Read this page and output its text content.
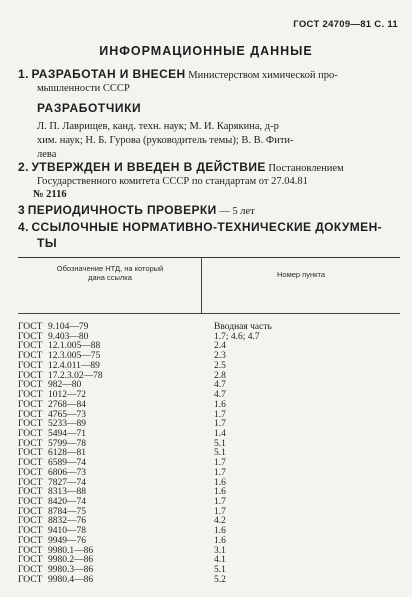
ГОСТ 24709—81 С. 11
ИНФОРМАЦИОННЫЕ ДАННЫЕ
1. РАЗРАБОТАН И ВНЕСЕН Министерством химической про-
мышленности СССР
РАЗРАБОТЧИКИ
Л. П. Лаврищев, канд. техн. наук; М. И. Карякина, д-р
хим. наук; Н. Б. Гурова (руководитель темы); В. В. Фити-
лева
2. УТВЕРЖДЕН И ВВЕДЕН В ДЕЙСТВИЕ Постановлением
Государственного комитета СССР по стандартам от 27.04.81
№ 2116
3 ПЕРИОДИЧНОСТЬ ПРОВЕРКИ — 5 лет
4. ССЫЛОЧНЫЕ НОРМАТИВНО-ТЕХНИЧЕСКИЕ ДОКУМЕН-
ТЫ
Обозначение НТД, на который
дана ссылка	Номер пункта
ГОСТ 9.104—79	Вводная часть
ГОСТ 9.403—80	1.7; 4.6; 4.7
ГОСТ 12.1.005—88	2.4
ГОСТ 12.3.005—75	2.3
ГОСТ 12.4.011—89	2.5
ГОСТ 17.2.3.02—78	2.8
ГОСТ 982—80	4.7
ГОСТ 1012—72	4.7
ГОСТ 2768—84	1.6
ГОСТ 4765—73	1.7
ГОСТ 5233—89	1.7
ГОСТ 5494—71	1.4
ГОСТ 5799—78	5.1
ГОСТ 6128—81	5.1
ГОСТ 6589—74	1.7
ГОСТ 6806—73	1.7
ГОСТ 7827—74	1.6
ГОСТ 8313—88	1.6
ГОСТ 8420—74	1.7
ГОСТ 8784—75	1.7
ГОСТ 8832—76	4.2
ГОСТ 9410—78	1.6
ГОСТ 9949—76	1.6
ГОСТ 9980.1—86	3.1
ГОСТ 9980.2—86	4.1
ГОСТ 9980.3—86	5.1
ГОСТ 9980.4—86	5.2
